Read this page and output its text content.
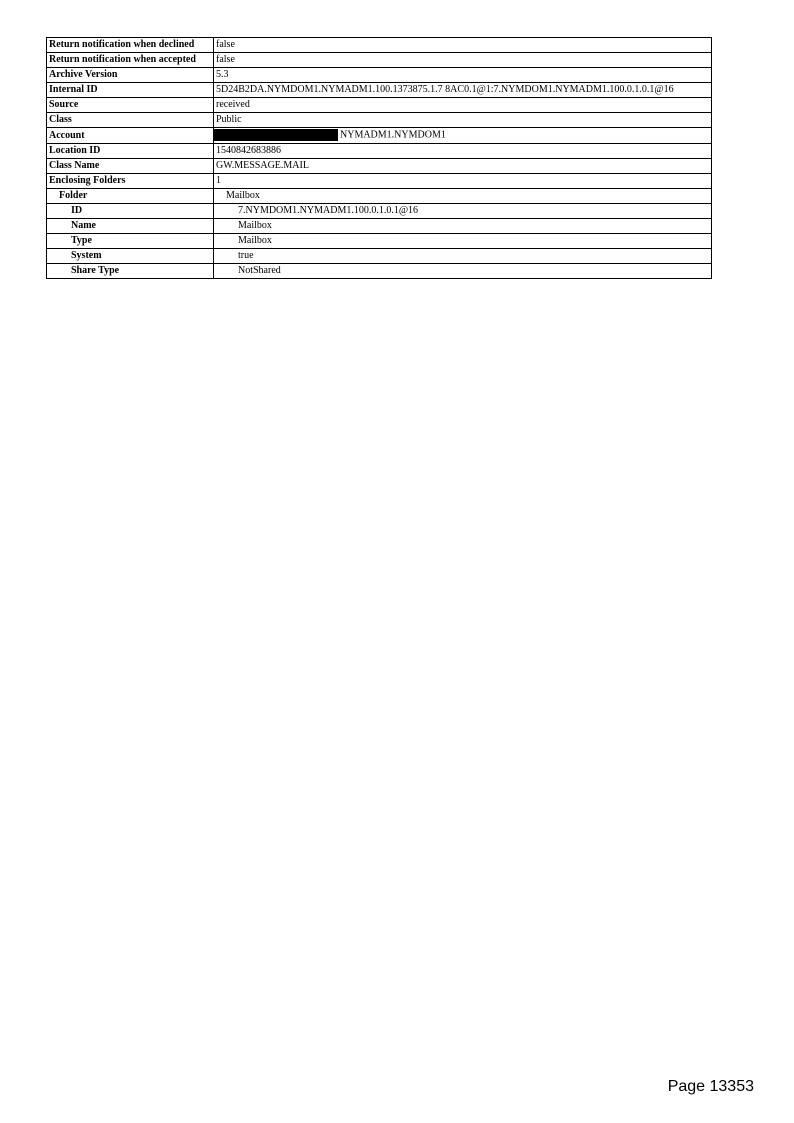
Return notification when declined	false
Return notification when accepted	false
Archive Version	5.3
Internal ID	5D24B2DA.NYMDOM1.NYMADM1.100.1373875.1.7 8AC0.1@1:7.NYMDOM1.NYMADM1.100.0.1.0.1@16
Source	received
Class	Public
Account	NYMADM1.NYMDOM1
Location ID	1540842683886
Class Name	GW.MESSAGE.MAIL
Enclosing Folders	1
Folder	Mailbox
ID	7.NYMDOM1.NYMADM1.100.0.1.0.1@16
Name	Mailbox
Type	Mailbox
System	true
Share Type	NotShared
Page 13353
